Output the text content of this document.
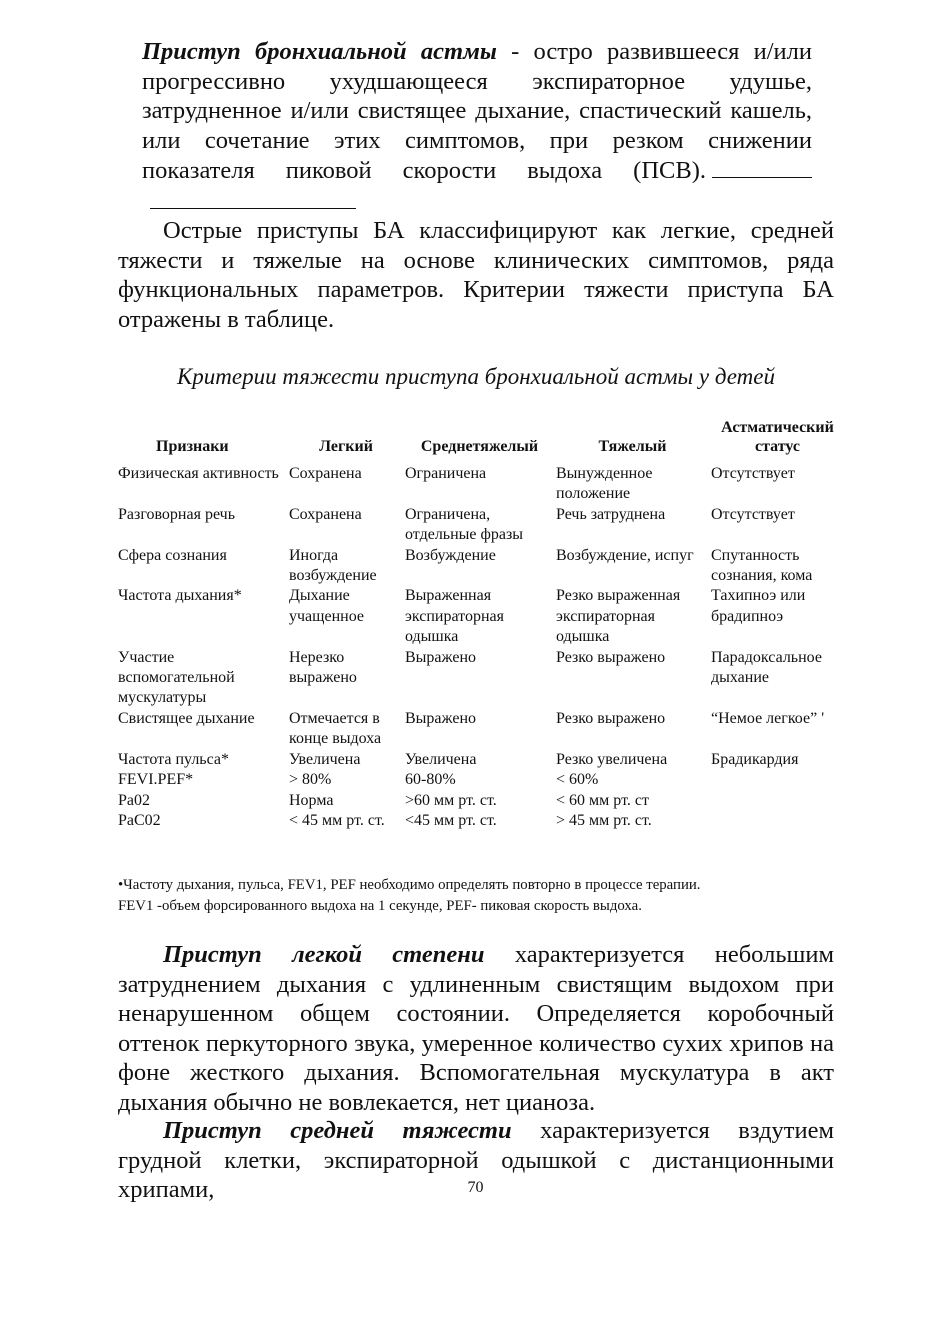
Приступ бронхиальной астмы - остро развившееся и/или прогрессивно ухудшающееся экспираторное удушье, затрудненное и/или свистящее дыхание, спастический кашель, или сочетание этих симптомов, при резком снижении показателя пиковой скорости выдоха (ПСВ).

Острые приступы БА классифицируют как легкие, средней тяжести и тяжелые на основе клинических симптомов, ряда функциональных параметров. Критерии тяжести приступа БА отражены в таблице.

Критерии тяжести приступа бронхиальной астмы у детей

Признаки	Легкий	Среднетяжелый	Тяжелый	Астматический статус
Физическая активность	Сохранена	Ограничена	Вынужденное положение	Отсутствует
Разговорная речь	Сохранена	Ограничена, отдельные фразы	Речь затруднена	Отсутствует
Сфера сознания	Иногда возбуждение	Возбуждение	Возбуждение, испуг	Спутанность сознания, кома
Частота дыхания*	Дыхание учащенное	Выраженная экспираторная одышка	Резко выраженная экспираторная одышка	Тахипноэ или брадипноэ
Участие вспомогательной мускулатуры	Нерезко выражено	Выражено	Резко выражено	Парадоксальное дыхание
Свистящее дыхание	Отмечается в конце выдоха	Выражено	Резко выражено	“Немое легкое” '
Частота пульса*	Увеличена	Увеличена	Резко увеличена	Брадикардия
FEVI.PEF*	> 80%	60-80%	< 60%	
Pa02	Норма	>60 мм рт. ст.	< 60 мм рт. ст	
PaC02	< 45 мм рт. ст.	<45 мм рт. ст.	> 45 мм рт. ст.	
•Частоту дыхания, пульса, FEV1, PEF необходимо определять повторно в процессе терапии.
FEV1 -объем форсированного выдоха на 1 секунде, PEF- пиковая скорость выдоха.

Приступ легкой степени характеризуется небольшим затруднением дыхания с удлиненным свистящим выдохом при ненарушенном общем состоянии. Определяется коробочный оттенок перкуторного звука, умеренное количество сухих хрипов на фоне жесткого дыхания. Вспомогательная мускулатура в акт дыхания обычно не вовлекается, нет цианоза.

Приступ средней тяжести характеризуется вздутием грудной клетки, экспираторной одышкой с дистанционными хрипами,	70
